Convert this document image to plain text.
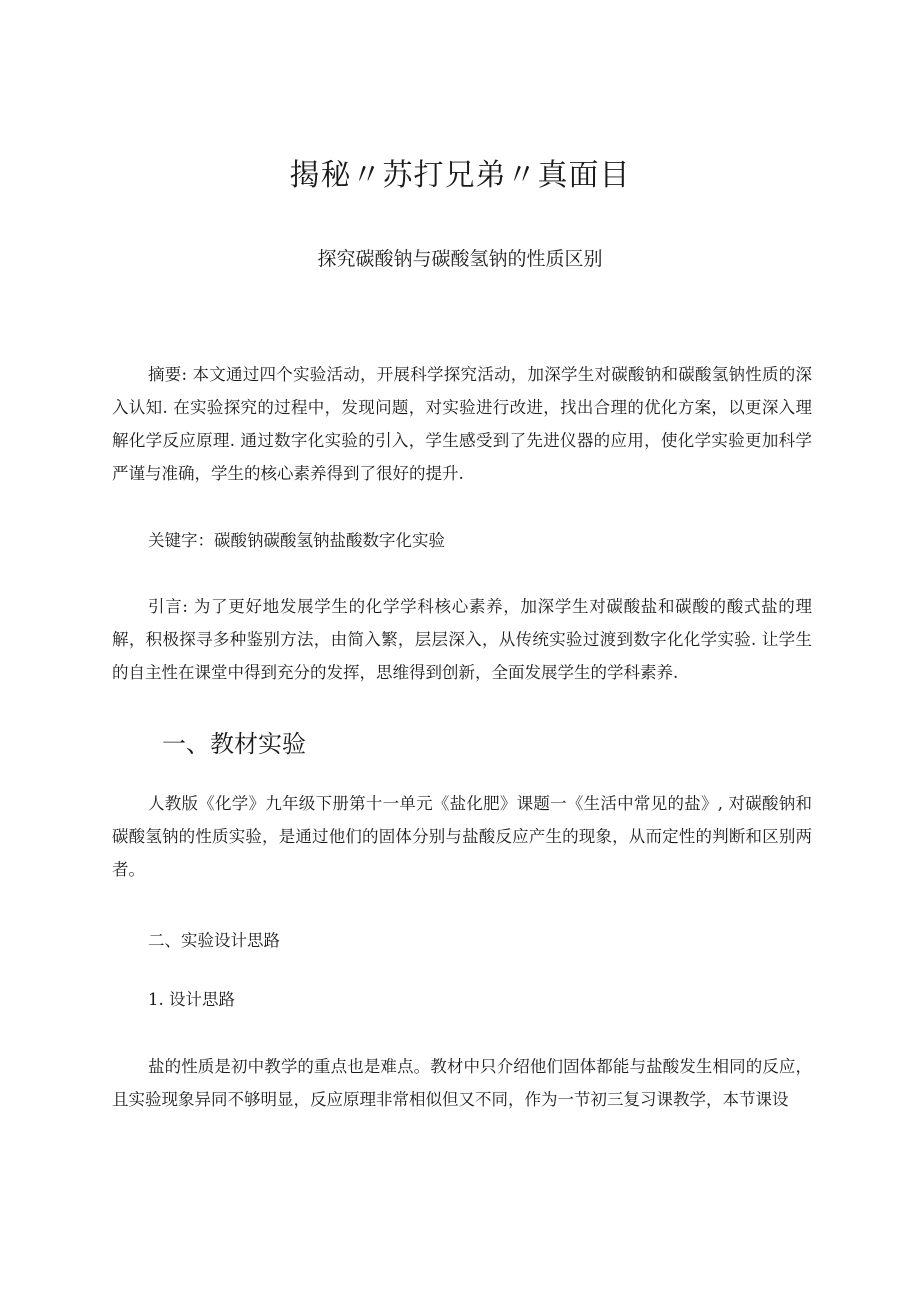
揭秘〃苏打兄弟〃真面目
探究碳酸钠与碳酸氢钠的性质区别

摘要: 本文通过四个实验活动，开展科学探究活动，加深学生对碳酸钠和碳酸氢钠性质的深入认知. 在实验探究的过程中，发现问题，对实验进行改进，找出合理的优化方案，以更深入理解化学反应原理. 通过数字化实验的引入，学生感受到了先进仪器的应用，使化学实验更加科学严谨与准确，学生的核心素养得到了很好的提升.

关键字：碳酸钠碳酸氢钠盐酸数字化实验

引言: 为了更好地发展学生的化学学科核心素养，加深学生对碳酸盐和碳酸的酸式盐的理解，积极探寻多种鉴别方法，由简入繁，层层深入，从传统实验过渡到数字化化学实验. 让学生的自主性在课堂中得到充分的发挥，思维得到创新，全面发展学生的学科素养.

一、教材实验

人教版《化学》九年级下册第十一单元《盐化肥》课题一《生活中常见的盐》, 对碳酸钠和碳酸氢钠的性质实验，是通过他们的固体分别与盐酸反应产生的现象，从而定性的判断和区别两者。

二、实验设计思路
1. 设计思路

盐的性质是初中教学的重点也是难点。教材中只介绍他们固体都能与盐酸发生相同的反应，且实验现象异同不够明显，反应原理非常相似但又不同，作为一节初三复习课教学，本节课设
